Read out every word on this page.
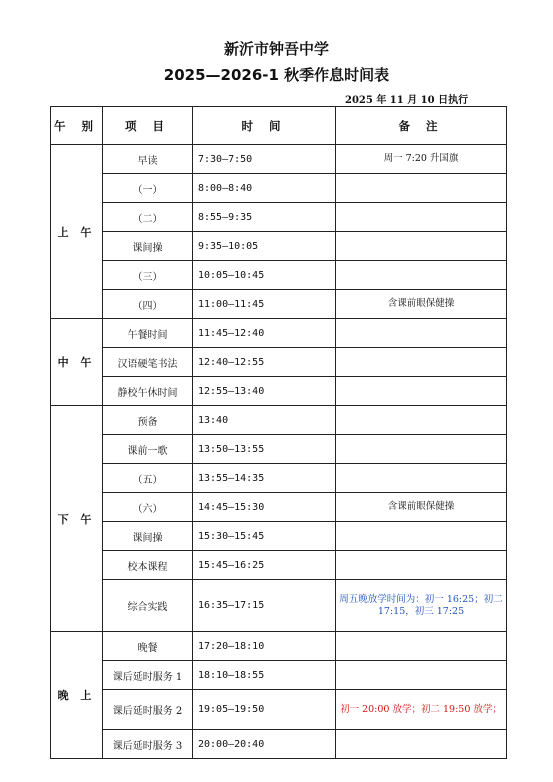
新沂市钟吾中学
2025—2026-1 秋季作息时间表
2025 年 11 月 10 日执行
午 别	项 目	时 间	备 注
上 午	早读	7:30—7:50	周一 7:20 升国旗
	（一）	8:00—8:40	
	（二）	8:55—9:35	
	课间操	9:35—10:05	
	（三）	10:05—10:45	
	（四）	11:00—11:45	含课前眼保健操
中 午	午餐时间	11:45—12:40	
	汉语硬笔书法	12:40—12:55	
	静校午休时间	12:55—13:40	
下 午	预备	13:40	
	课前一歌	13:50—13:55	
	（五）	13:55—14:35	
	（六）	14:45—15:30	含课前眼保健操
	课间操	15:30—15:45	
	校本课程	15:45—16:25	
	综合实践	16:35—17:15	周五晚放学时间为：初一 16:25；初二 17:15，初三 17:25
晚 上	晚餐	17:20—18:10	
	课后延时服务 1	18:10—18:55	
	课后延时服务 2	19:05—19:50	初一 20:00 放学；初二 19:50 放学；
	课后延时服务 3	20:00—20:40	
